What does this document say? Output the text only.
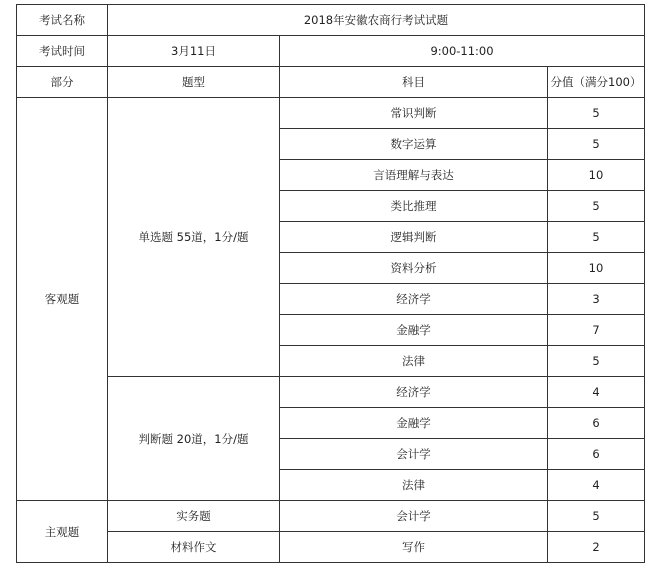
考试名称	2018年安徽农商行考试试题		
考试时间	3月11日	9:00-11:00	
部分	题型	科目	分值（满分100）
客观题	单选题 55道，1分/题	常识判断	5
		数字运算	5
		言语理解与表达	10
		类比推理	5
		逻辑判断	5
		资料分析	10
		经济学	3
		金融学	7
		法律	5
	判断题 20道，1分/题	经济学	4
		金融学	6
		会计学	6
		法律	4
主观题	实务题	会计学	5
	材料作文	写作	2
